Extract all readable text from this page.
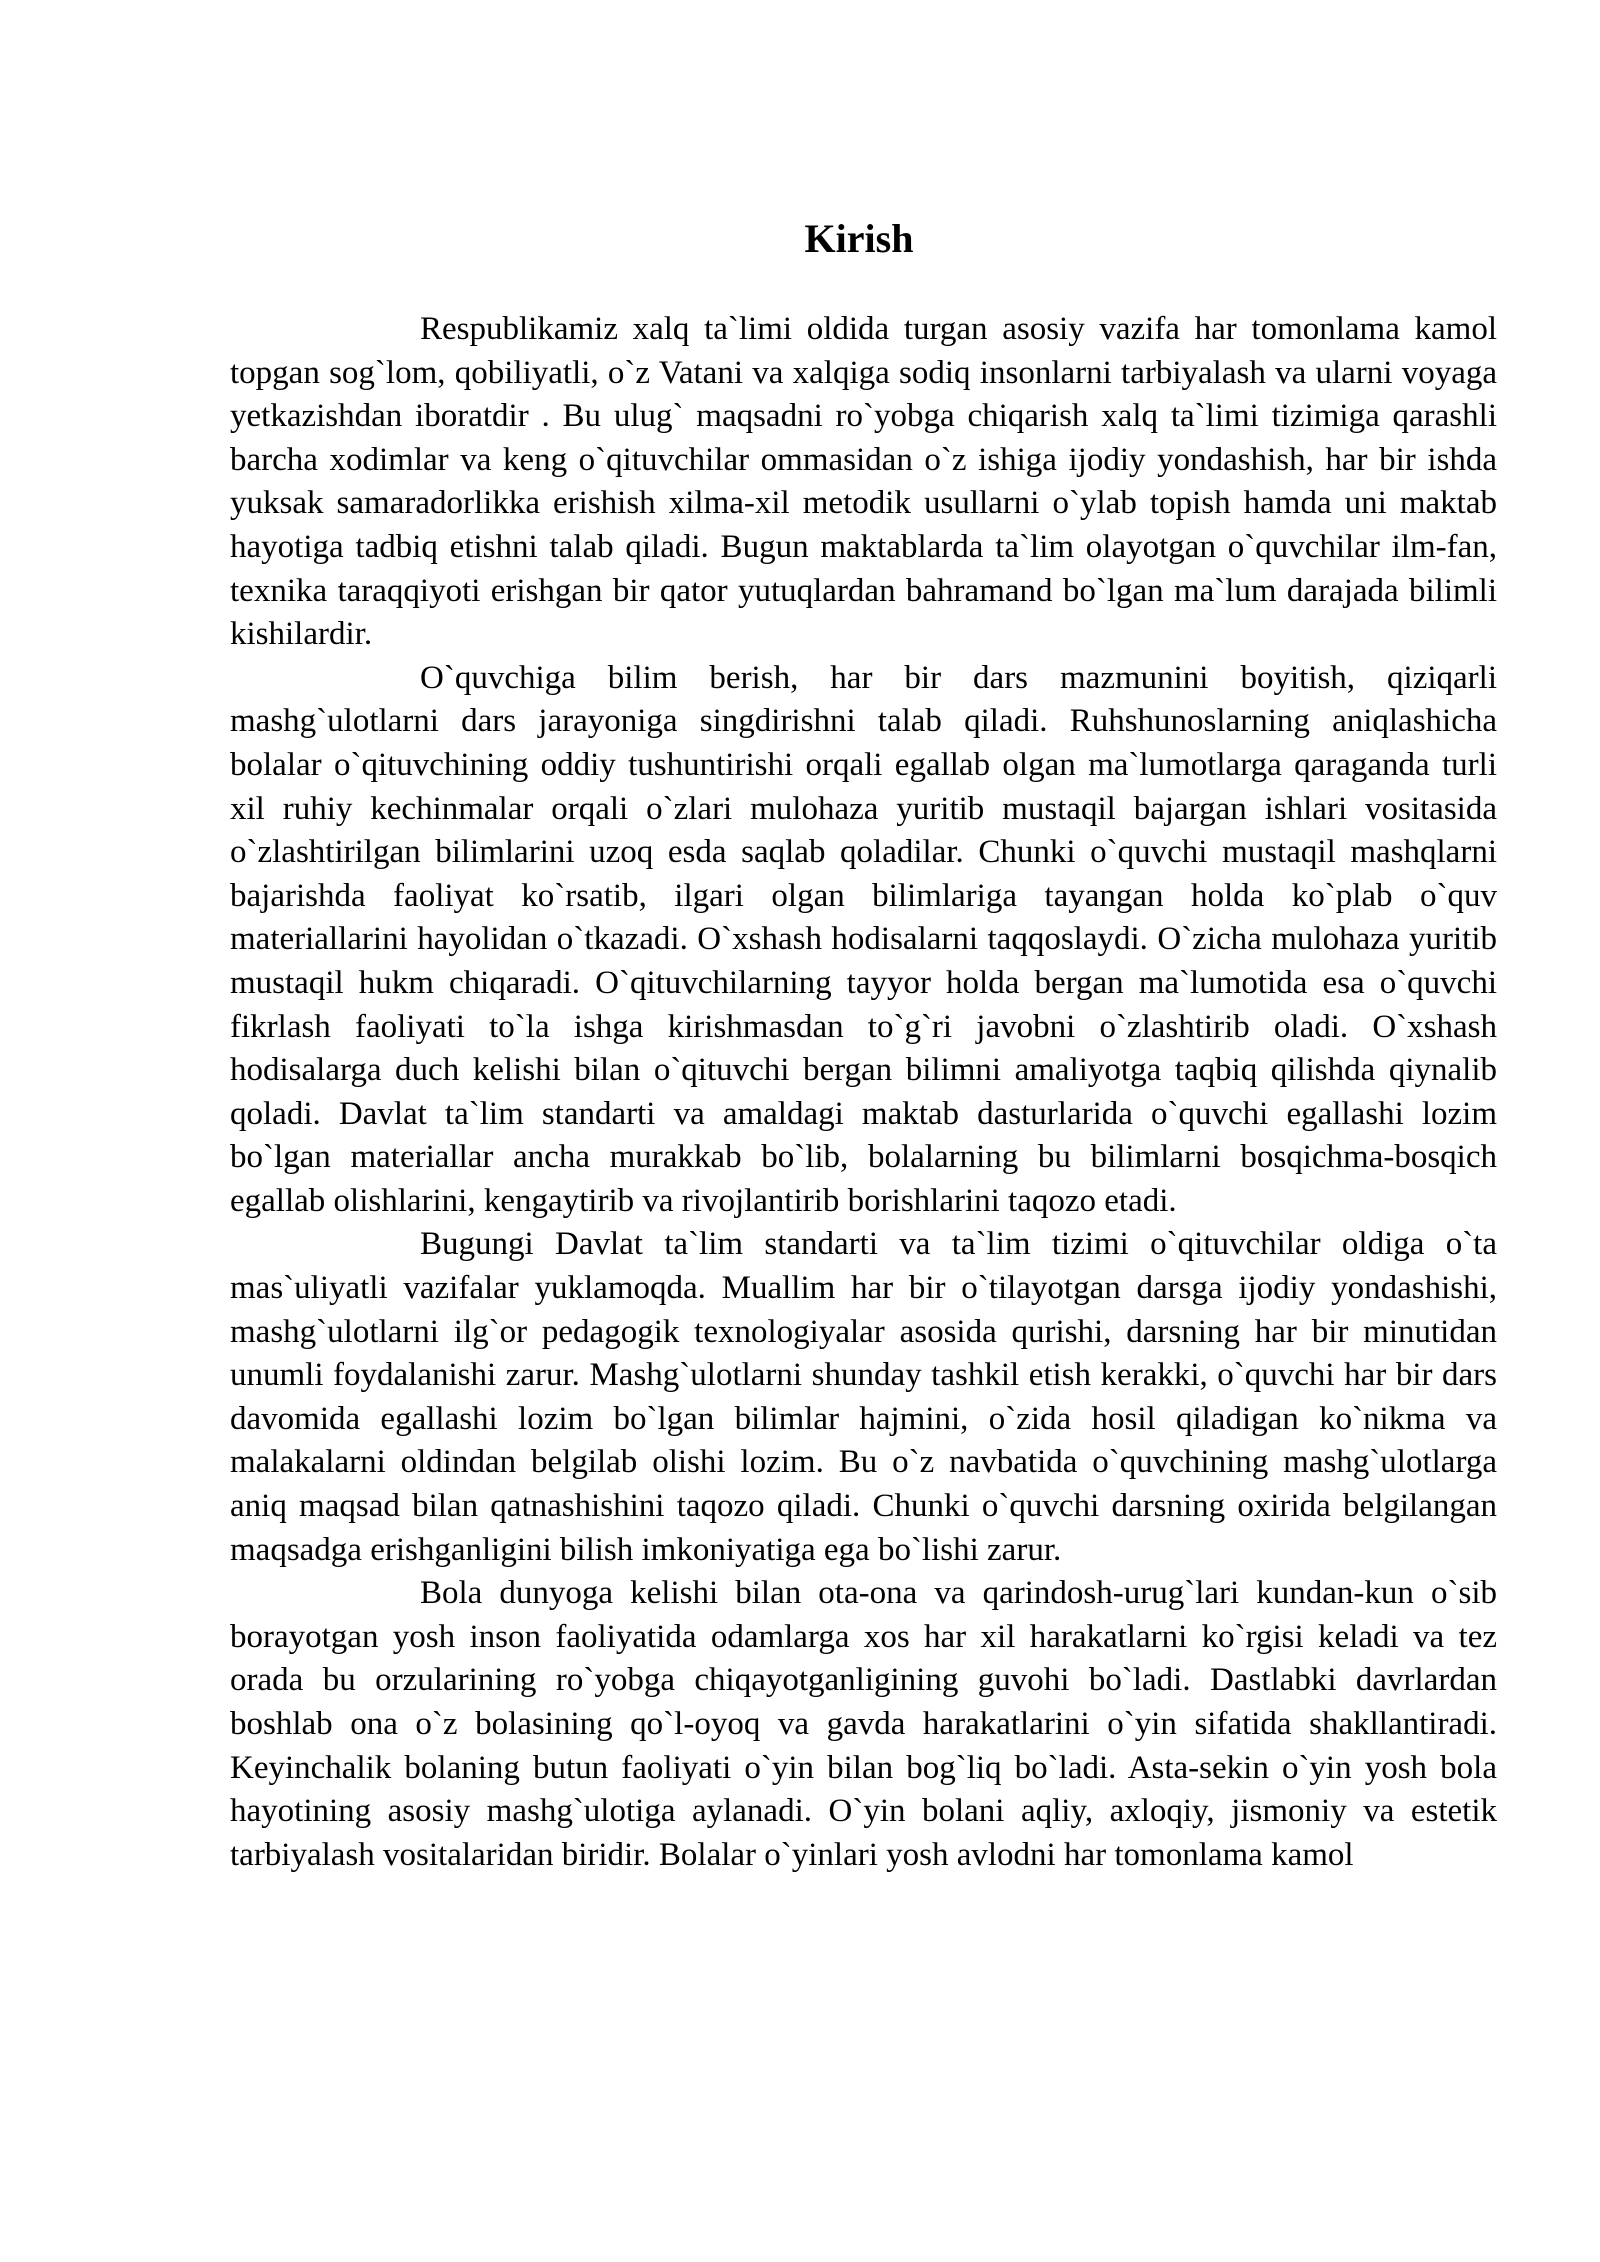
Kirish

Respublikamiz xalq ta`limi oldida turgan asosiy vazifa har tomonlama kamol topgan sog`lom, qobiliyatli, o`z Vatani va xalqiga sodiq insonlarni tarbiyalash va ularni voyaga yetkazishdan iboratdir . Bu ulug` maqsadni ro`yobga chiqarish xalq ta`limi tizimiga qarashli barcha xodimlar va keng o`qituvchilar ommasidan o`z ishiga ijodiy yondashish, har bir ishda yuksak samaradorlikka erishish xilma-xil metodik usullarni o`ylab topish hamda uni maktab hayotiga tadbiq etishni talab qiladi. Bugun maktablarda ta`lim olayotgan o`quvchilar ilm-fan, texnika taraqqiyoti erishgan bir qator yutuqlardan bahramand bo`lgan ma`lum darajada bilimli kishilardir.

O`quvchiga bilim berish, har bir dars mazmunini boyitish, qiziqarli mashg`ulotlarni dars jarayoniga singdirishni talab qiladi. Ruhshunoslarning aniqlashicha bolalar o`qituvchining oddiy tushuntirishi orqali egallab olgan ma`lumotlarga qaraganda turli xil ruhiy kechinmalar orqali o`zlari mulohaza yuritib mustaqil bajargan ishlari vositasida o`zlashtirilgan bilimlarini uzoq esda saqlab qoladilar. Chunki o`quvchi mustaqil mashqlarni bajarishda faoliyat ko`rsatib, ilgari olgan bilimlariga tayangan holda ko`plab o`quv materiallarini hayolidan o`tkazadi. O`xshash hodisalarni taqqoslaydi. O`zicha mulohaza yuritib mustaqil hukm chiqaradi. O`qituvchilarning tayyor holda bergan ma`lumotida esa o`quvchi fikrlash faoliyati to`la ishga kirishmasdan to`g`ri javobni o`zlashtirib oladi. O`xshash hodisalarga duch kelishi bilan o`qituvchi bergan bilimni amaliyotga taqbiq qilishda qiynalib qoladi. Davlat ta`lim standarti va amaldagi maktab dasturlarida o`quvchi egallashi lozim bo`lgan materiallar ancha murakkab bo`lib, bolalarning bu bilimlarni bosqichma-bosqich egallab olishlarini, kengaytirib va rivojlantirib borishlarini taqozo etadi.

Bugungi Davlat ta`lim standarti va ta`lim tizimi o`qituvchilar oldiga o`ta mas`uliyatli vazifalar yuklamoqda. Muallim har bir o`tilayotgan darsga ijodiy yondashishi, mashg`ulotlarni ilg`or pedagogik texnologiyalar asosida qurishi, darsning har bir minutidan unumli foydalanishi zarur. Mashg`ulotlarni shunday tashkil etish kerakki, o`quvchi har bir dars davomida egallashi lozim bo`lgan bilimlar hajmini, o`zida hosil qiladigan ko`nikma va malakalarni oldindan belgilab olishi lozim. Bu o`z navbatida o`quvchining mashg`ulotlarga aniq maqsad bilan qatnashishini taqozo qiladi. Chunki o`quvchi darsning oxirida belgilangan maqsadga erishganligini bilish imkoniyatiga ega bo`lishi zarur.

Bola dunyoga kelishi bilan ota-ona va qarindosh-urug`lari kundan-kun o`sib borayotgan yosh inson faoliyatida odamlarga xos har xil harakatlarni ko`rgisi keladi va tez orada bu orzularining ro`yobga chiqayotganligining guvohi bo`ladi. Dastlabki davrlardan boshlab ona o`z bolasining qo`l-oyoq va gavda harakatlarini o`yin sifatida shakllantiradi. Keyinchalik bolaning butun faoliyati o`yin bilan bog`liq bo`ladi. Asta-sekin o`yin yosh bola hayotining asosiy mashg`ulotiga aylanadi. O`yin bolani aqliy, axloqiy, jismoniy va estetik tarbiyalash vositalaridan biridir. Bolalar o`yinlari yosh avlodni har tomonlama kamol
